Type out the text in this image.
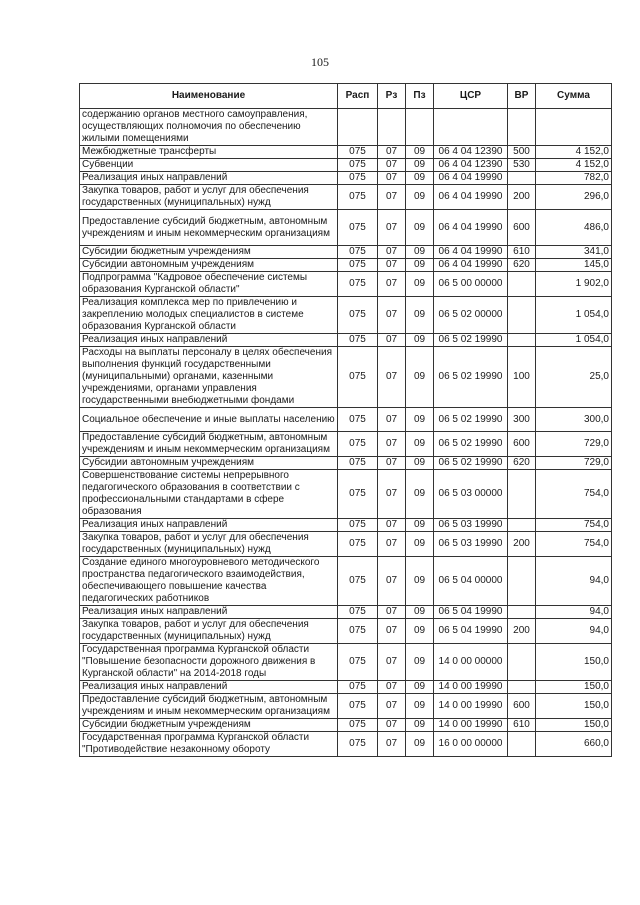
105
Наименование	Расп	Рз	Пз	ЦСР	ВР	Сумма
содержанию органов местного самоуправления, осуществляющих полномочия по обеспечению жилыми помещениями						
Межбюджетные трансферты	075	07	09	06 4 04 12390	500	4 152,0
Субвенции	075	07	09	06 4 04 12390	530	4 152,0
Реализация иных направлений	075	07	09	06 4 04 19990		782,0
Закупка товаров, работ и услуг для обеспечения государственных (муниципальных) нужд	075	07	09	06 4 04 19990	200	296,0
Предоставление субсидий бюджетным, автономным учреждениям и иным некоммерческим организациям	075	07	09	06 4 04 19990	600	486,0
Субсидии бюджетным учреждениям	075	07	09	06 4 04 19990	610	341,0
Субсидии автономным учреждениям	075	07	09	06 4 04 19990	620	145,0
Подпрограмма "Кадровое обеспечение системы образования Курганской области"	075	07	09	06 5 00 00000		1 902,0
Реализация комплекса мер по привлечению и закреплению молодых специалистов в системе образования Курганской области	075	07	09	06 5 02 00000		1 054,0
Реализация иных направлений	075	07	09	06 5 02 19990		1 054,0
Расходы на выплаты персоналу в целях обеспечения выполнения функций государственными (муниципальными) органами, казенными учреждениями, органами управления государственными внебюджетными фондами	075	07	09	06 5 02 19990	100	25,0
Социальное обеспечение и иные выплаты населению	075	07	09	06 5 02 19990	300	300,0
Предоставление субсидий бюджетным, автономным учреждениям и иным некоммерческим организациям	075	07	09	06 5 02 19990	600	729,0
Субсидии автономным учреждениям	075	07	09	06 5 02 19990	620	729,0
Совершенствование системы непрерывного педагогического образования в соответствии с профессиональными стандартами в сфере образования	075	07	09	06 5 03 00000		754,0
Реализация иных направлений	075	07	09	06 5 03 19990		754,0
Закупка товаров, работ и услуг для обеспечения государственных (муниципальных) нужд	075	07	09	06 5 03 19990	200	754,0
Создание единого многоуровневого методического пространства педагогического взаимодействия, обеспечивающего повышение качества педагогических работников	075	07	09	06 5 04 00000		94,0
Реализация иных направлений	075	07	09	06 5 04 19990		94,0
Закупка товаров, работ и услуг для обеспечения государственных (муниципальных) нужд	075	07	09	06 5 04 19990	200	94,0
Государственная программа Курганской области "Повышение безопасности дорожного движения в Курганской области" на 2014-2018 годы	075	07	09	14 0 00 00000		150,0
Реализация иных направлений	075	07	09	14 0 00 19990		150,0
Предоставление субсидий бюджетным, автономным учреждениям и иным некоммерческим организациям	075	07	09	14 0 00 19990	600	150,0
Субсидии бюджетным учреждениям	075	07	09	14 0 00 19990	610	150,0
Государственная программа Курганской области "Противодействие незаконному обороту	075	07	09	16 0 00 00000		660,0
